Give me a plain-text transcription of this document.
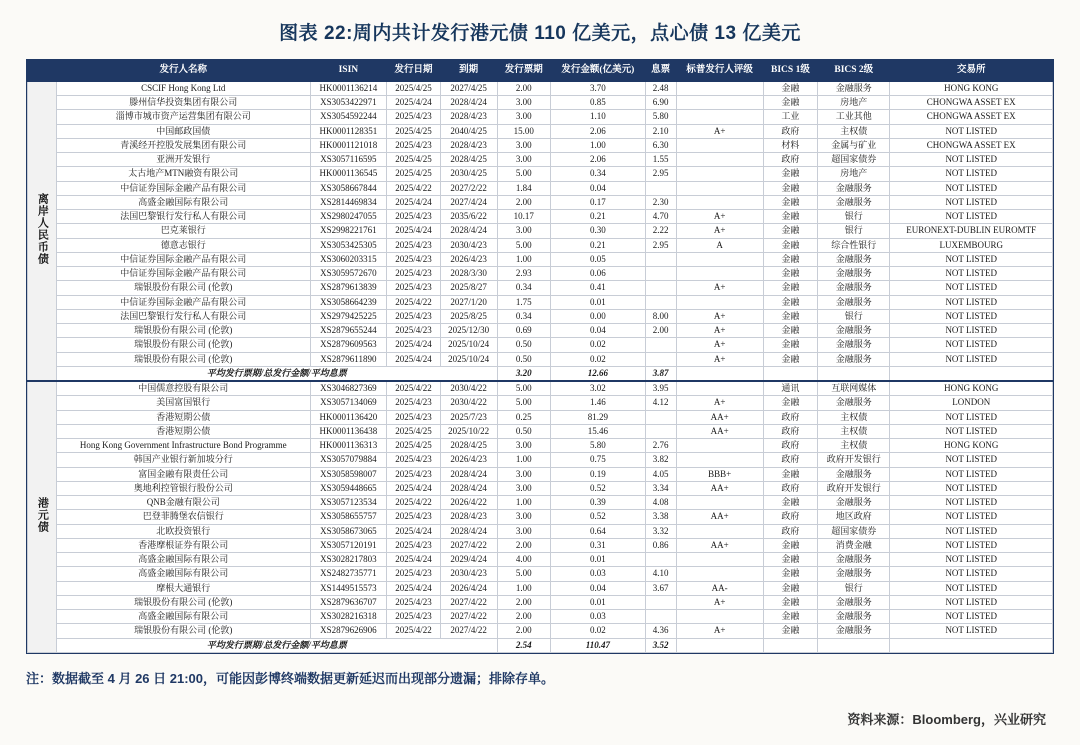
图表 22:周内共计发行港元债 110 亿美元，点心债 13 亿美元
	发行人名称	ISIN	发行日期	到期	发行票期	发行金额(亿美元)	息票	标普发行人评级	BICS 1级	BICS 2级	交易所
离岸人民币债	CSCIF Hong Kong Ltd	HK0001136214	2025/4/25	2027/4/25	2.00	3.70	2.48		金融	金融服务	HONG KONG
	滕州信华投资集团有限公司	XS3053422971	2025/4/24	2028/4/24	3.00	0.85	6.90		金融	房地产	CHONGWA ASSET EX
	淄博市城市资产运营集团有限公司	XS3054592244	2025/4/23	2028/4/23	3.00	1.10	5.80		工业	工业其他	CHONGWA ASSET EX
	中国邮政国债	HK0001128351	2025/4/25	2040/4/25	15.00	2.06	2.10	A+	政府	主权债	NOT LISTED
	青溪经开控股发展集团有限公司	HK0001121018	2025/4/23	2028/4/23	3.00	1.00	6.30		材料	金属与矿业	CHONGWA ASSET EX
	亚洲开发银行	XS3057116595	2025/4/25	2028/4/25	3.00	2.06	1.55		政府	超国家债券	NOT LISTED
	太古地产MTN融资有限公司	HK0001136545	2025/4/25	2030/4/25	5.00	0.34	2.95		金融	房地产	NOT LISTED
	中信证券国际金融产品有限公司	XS3058667844	2025/4/22	2027/2/22	1.84	0.04			金融	金融服务	NOT LISTED
	高盛金融国际有限公司	XS2814469834	2025/4/24	2027/4/24	2.00	0.17	2.30		金融	金融服务	NOT LISTED
	法国巴黎银行发行私人有限公司	XS2980247055	2025/4/23	2035/6/22	10.17	0.21	4.70	A+	金融	银行	NOT LISTED
	巴克莱银行	XS2998221761	2025/4/24	2028/4/24	3.00	0.30	2.22	A+	金融	银行	EURONEXT-DUBLIN EUROMTF
	德意志银行	XS3053425305	2025/4/23	2030/4/23	5.00	0.21	2.95	A	金融	综合性银行	LUXEMBOURG
	中信证券国际金融产品有限公司	XS3060203315	2025/4/23	2026/4/23	1.00	0.05			金融	金融服务	NOT LISTED
	中信证券国际金融产品有限公司	XS3059572670	2025/4/23	2028/3/30	2.93	0.06			金融	金融服务	NOT LISTED
	瑞银股份有限公司 (伦敦)	XS2879613839	2025/4/23	2025/8/27	0.34	0.41		A+	金融	金融服务	NOT LISTED
	中信证券国际金融产品有限公司	XS3058664239	2025/4/22	2027/1/20	1.75	0.01			金融	金融服务	NOT LISTED
	法国巴黎银行发行私人有限公司	XS2979425225	2025/4/23	2025/8/25	0.34	0.00	8.00	A+	金融	银行	NOT LISTED
	瑞银股份有限公司 (伦敦)	XS2879655244	2025/4/23	2025/12/30	0.69	0.04	2.00	A+	金融	金融服务	NOT LISTED
	瑞银股份有限公司 (伦敦)	XS2879609563	2025/4/24	2025/10/24	0.50	0.02		A+	金融	金融服务	NOT LISTED
	瑞银股份有限公司 (伦敦)	XS2879611890	2025/4/24	2025/10/24	0.50	0.02		A+	金融	金融服务	NOT LISTED
	平均发行票期/总发行金额/平均息票				3.20	12.66	3.87				
港元债	中国儒意控股有限公司	XS3046827369	2025/4/22	2030/4/22	5.00	3.02	3.95		通讯	互联网媒体	HONG KONG
	美国富国银行	XS3057134069	2025/4/23	2030/4/22	5.00	1.46	4.12	A+	金融	金融服务	LONDON
	香港短期公债	HK0001136420	2025/4/23	2025/7/23	0.25	81.29		AA+	政府	主权债	NOT LISTED
	香港短期公债	HK0001136438	2025/4/25	2025/10/22	0.50	15.46		AA+	政府	主权债	NOT LISTED
	Hong Kong Government Infrastructure Bond Programme	HK0001136313	2025/4/25	2028/4/25	3.00	5.80	2.76		政府	主权债	HONG KONG
	韩国产业银行新加坡分行	XS3057079884	2025/4/23	2026/4/23	1.00	0.75	3.82		政府	政府开发银行	NOT LISTED
	富国金融有限责任公司	XS3058598007	2025/4/23	2028/4/24	3.00	0.19	4.05	BBB+	金融	金融服务	NOT LISTED
	奥地利控管银行股份公司	XS3059448665	2025/4/24	2028/4/24	3.00	0.52	3.34	AA+	政府	政府开发银行	NOT LISTED
	QNB金融有限公司	XS3057123534	2025/4/22	2026/4/22	1.00	0.39	4.08		金融	金融服务	NOT LISTED
	巴登菲腾堡农信银行	XS3058655757	2025/4/23	2028/4/23	3.00	0.52	3.38	AA+	政府	地区政府	NOT LISTED
	北欧投资银行	XS3058673065	2025/4/24	2028/4/24	3.00	0.64	3.32		政府	超国家债券	NOT LISTED
	香港摩根证券有限公司	XS3057120191	2025/4/23	2027/4/22	2.00	0.31	0.86	AA+	金融	消费金融	NOT LISTED
	高盛金融国际有限公司	XS3028217803	2025/4/24	2029/4/24	4.00	0.01			金融	金融服务	NOT LISTED
	高盛金融国际有限公司	XS2482735771	2025/4/23	2030/4/23	5.00	0.03	4.10		金融	金融服务	NOT LISTED
	摩根大通银行	XS1449515573	2025/4/24	2026/4/24	1.00	0.04	3.67	AA-	金融	银行	NOT LISTED
	瑞银股份有限公司 (伦敦)	XS2879636707	2025/4/23	2027/4/22	2.00	0.01		A+	金融	金融服务	NOT LISTED
	高盛金融国际有限公司	XS3028216318	2025/4/23	2027/4/22	2.00	0.03			金融	金融服务	NOT LISTED
	瑞银股份有限公司 (伦敦)	XS2879626906	2025/4/22	2027/4/22	2.00	0.02	4.36	A+	金融	金融服务	NOT LISTED
	平均发行票期/总发行金额/平均息票				2.54	110.47	3.52				
注：数据截至 4 月 26 日 21:00，可能因彭博终端数据更新延迟而出现部分遗漏；排除存单。
资料来源：Bloomberg，兴业研究
